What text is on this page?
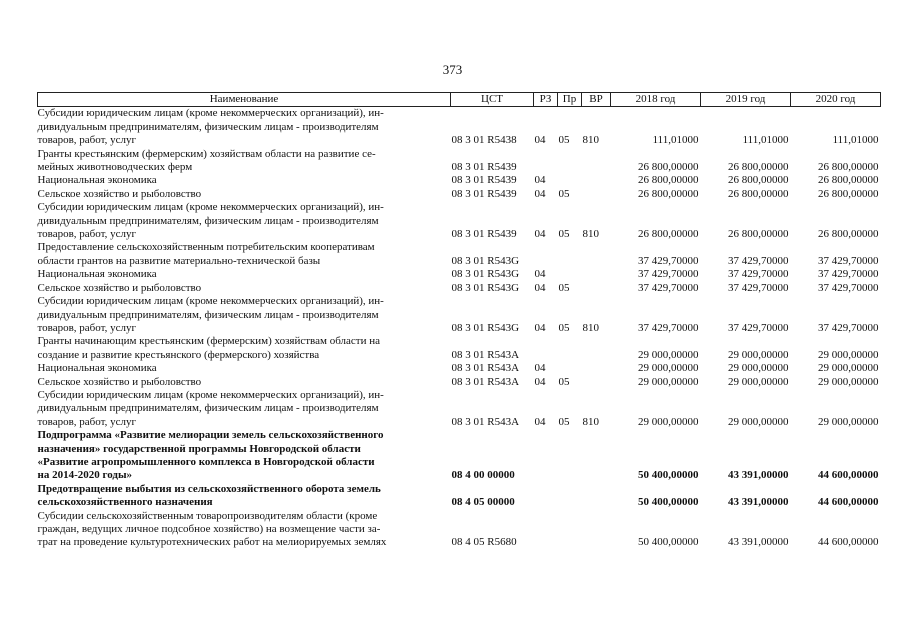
373
Наименование	ЦСТ	РЗ	Пр	ВР	2018 год	2019 год	2020 год

Субсидии юридическим лицам (кроме некоммерческих организаций), ин-
дивидуальным предпринимателям, физическим лицам - производителям
товаров, работ, услуг	08 3 01 R5438	04	05	810	111,01000	111,01000	111,01000

Гранты крестьянским (фермерским) хозяйствам области на развитие се-
мейных животноводческих ферм	08 3 01 R5439				26 800,00000	26 800,00000	26 800,00000

Национальная экономика	08 3 01 R5439	04			26 800,00000	26 800,00000	26 800,00000

Сельское хозяйство и рыболовство	08 3 01 R5439	04	05		26 800,00000	26 800,00000	26 800,00000

Субсидии юридическим лицам (кроме некоммерческих организаций), ин-
дивидуальным предпринимателям, физическим лицам - производителям
товаров, работ, услуг	08 3 01 R5439	04	05	810	26 800,00000	26 800,00000	26 800,00000

Предоставление сельскохозяйственным потребительским кооперативам
области грантов на развитие материально-технической базы	08 3 01 R543G				37 429,70000	37 429,70000	37 429,70000

Национальная экономика	08 3 01 R543G	04			37 429,70000	37 429,70000	37 429,70000

Сельское хозяйство и рыболовство	08 3 01 R543G	04	05		37 429,70000	37 429,70000	37 429,70000

Субсидии юридическим лицам (кроме некоммерческих организаций), ин-
дивидуальным предпринимателям, физическим лицам - производителям
товаров, работ, услуг	08 3 01 R543G	04	05	810	37 429,70000	37 429,70000	37 429,70000

Гранты начинающим крестьянским (фермерским) хозяйствам области на
создание и развитие крестьянского (фермерского) хозяйства	08 3 01 R543A				29 000,00000	29 000,00000	29 000,00000

Национальная экономика	08 3 01 R543A	04			29 000,00000	29 000,00000	29 000,00000

Сельское хозяйство и рыболовство	08 3 01 R543A	04	05		29 000,00000	29 000,00000	29 000,00000

Субсидии юридическим лицам (кроме некоммерческих организаций), ин-
дивидуальным предпринимателям, физическим лицам - производителям
товаров, работ, услуг	08 3 01 R543A	04	05	810	29 000,00000	29 000,00000	29 000,00000

Подпрограмма «Развитие мелиорации земель сельскохозяйственного
назначения» государственной программы Новгородской области
«Развитие агропромышленного комплекса в Новгородской области
на 2014-2020 годы»	08 4 00 00000				50 400,00000	43 391,00000	44 600,00000

Предотвращение выбытия из сельскохозяйственного оборота земель
сельскохозяйственного назначения	08 4 05 00000				50 400,00000	43 391,00000	44 600,00000

Субсидии сельскохозяйственным товаропроизводителям области (кроме
граждан, ведущих личное подсобное хозяйство) на возмещение части за-
трат на проведение культуротехнических работ на мелиорируемых землях	08 4 05 R5680				50 400,00000	43 391,00000	44 600,00000
